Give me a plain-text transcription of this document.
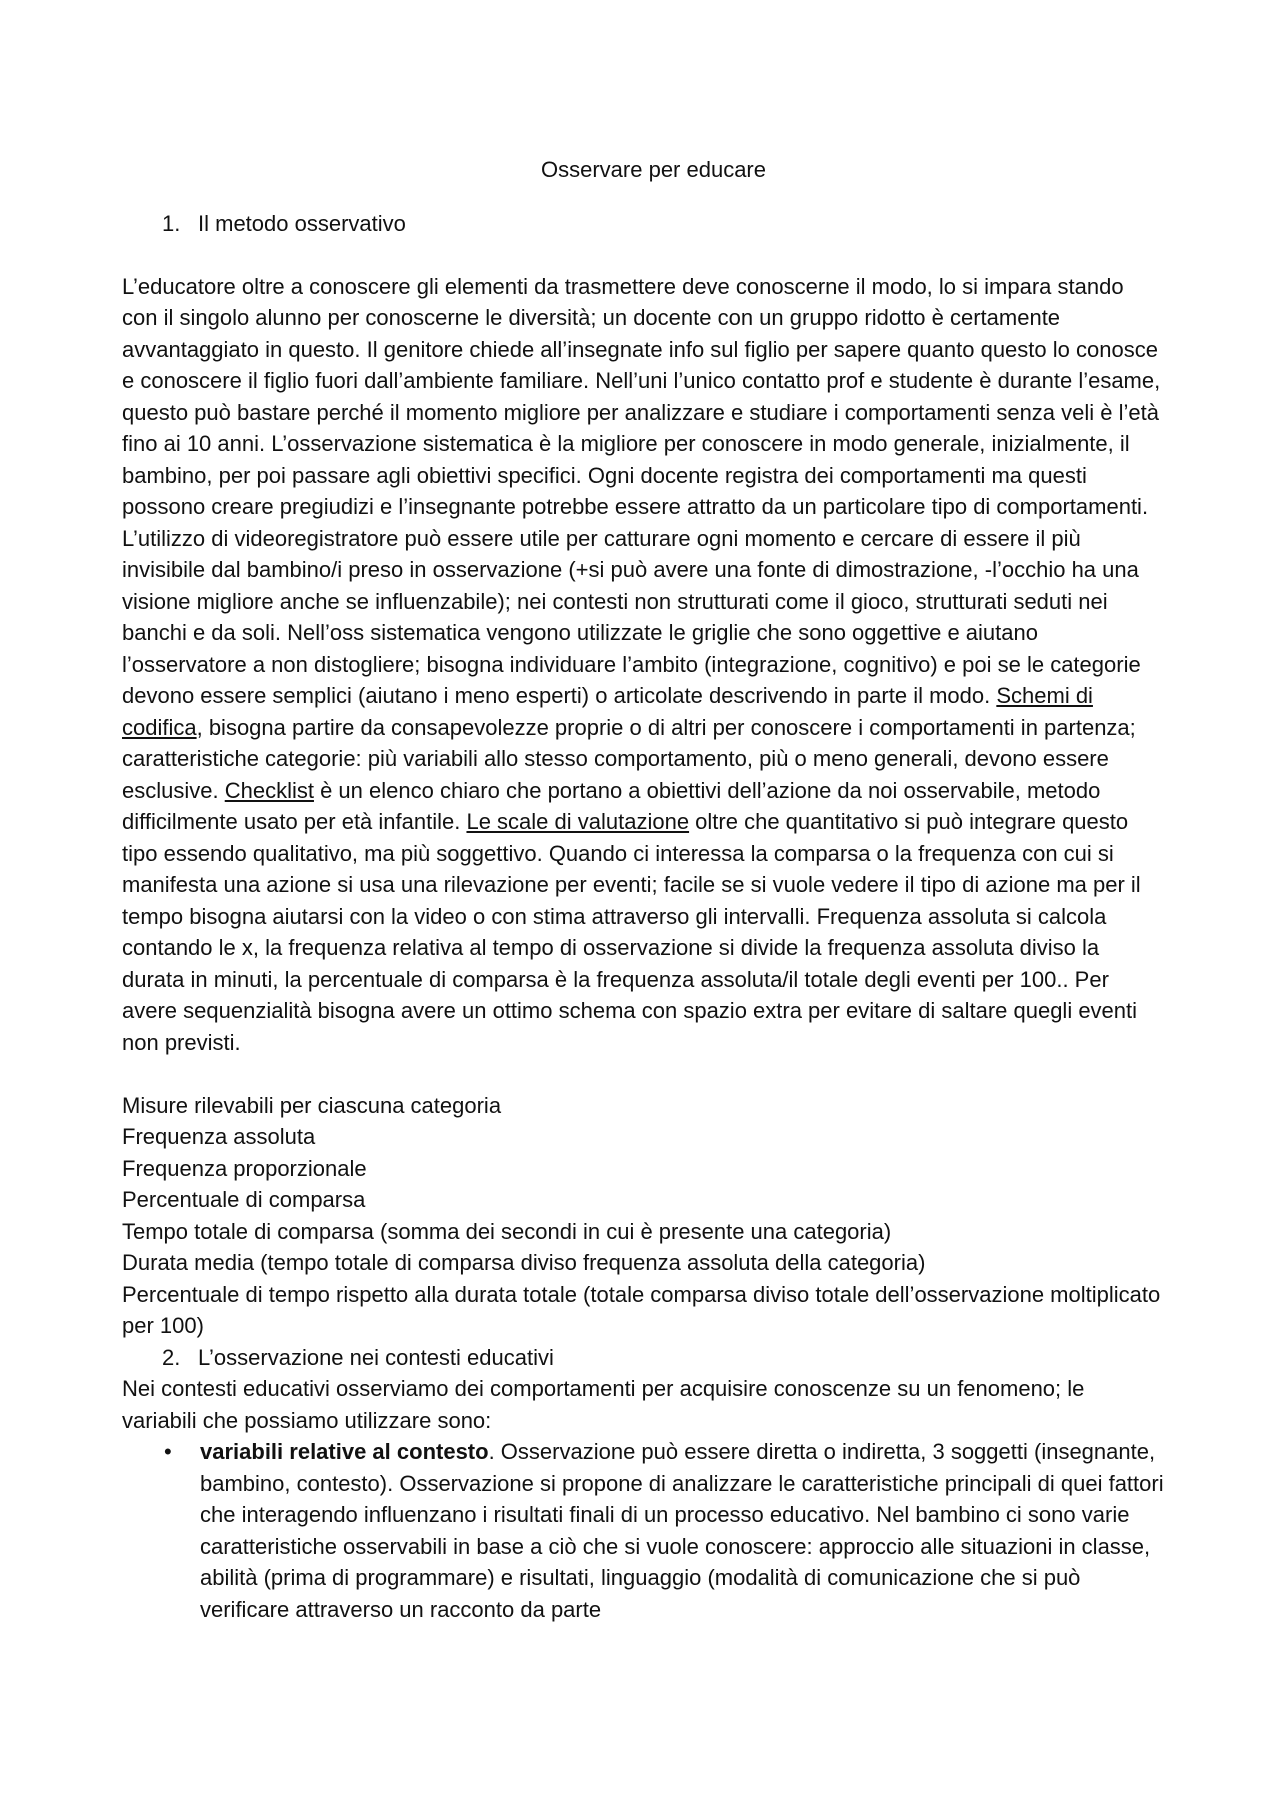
Osservare per educare
1. Il metodo osservativo

L’educatore oltre a conoscere gli elementi da trasmettere deve conoscerne il modo, lo si impara stando con il singolo alunno per conoscerne le diversità; un docente con un gruppo ridotto è certamente avvantaggiato in questo. Il genitore chiede all’insegnate info sul figlio per sapere quanto questo lo conosce e conoscere il figlio fuori dall’ambiente familiare. Nell’uni l’unico contatto prof e studente è durante l’esame, questo può bastare perché il momento migliore per analizzare e studiare i comportamenti senza veli è l’età fino ai 10 anni. L’osservazione sistematica è la migliore per conoscere in modo generale, inizialmente, il bambino, per poi passare agli obiettivi specifici. Ogni docente registra dei comportamenti ma questi possono creare pregiudizi e l’insegnante potrebbe essere attratto da un particolare tipo di comportamenti. L’utilizzo di videoregistratore può essere utile per catturare ogni momento e cercare di essere il più invisibile dal bambino/i preso in osservazione (+si può avere una fonte di dimostrazione, -l’occhio ha una visione migliore anche se influenzabile); nei contesti non strutturati come il gioco, strutturati seduti nei banchi e da soli. Nell’oss sistematica vengono utilizzate le griglie che sono oggettive e aiutano l’osservatore a non distogliere; bisogna individuare l’ambito (integrazione, cognitivo) e poi se le categorie devono essere semplici (aiutano i meno esperti) o articolate descrivendo in parte il modo. Schemi di codifica, bisogna partire da consapevolezze proprie o di altri per conoscere i comportamenti in partenza; caratteristiche categorie: più variabili allo stesso comportamento, più o meno generali, devono essere esclusive. Checklist è un elenco chiaro che portano a obiettivi dell’azione da noi osservabile, metodo difficilmente usato per età infantile. Le scale di valutazione oltre che quantitativo si può integrare questo tipo essendo qualitativo, ma più soggettivo. Quando ci interessa la comparsa o la frequenza con cui si manifesta una azione si usa una rilevazione per eventi; facile se si vuole vedere il tipo di azione ma per il tempo bisogna aiutarsi con la video o con stima attraverso gli intervalli. Frequenza assoluta si calcola contando le x, la frequenza relativa al tempo di osservazione si divide la frequenza assoluta diviso la durata in minuti, la percentuale di comparsa è la frequenza assoluta/il totale degli eventi per 100.. Per avere sequenzialità bisogna avere un ottimo schema con spazio extra per evitare di saltare quegli eventi non previsti.

Misure rilevabili per ciascuna categoria
Frequenza assoluta
Frequenza proporzionale
Percentuale di comparsa
Tempo totale di comparsa (somma dei secondi in cui è presente una categoria)
Durata media (tempo totale di comparsa diviso frequenza assoluta della categoria)
Percentuale di tempo rispetto alla durata totale (totale comparsa diviso totale dell’osservazione moltiplicato per 100)
2. L’osservazione nei contesti educativi

Nei contesti educativi osserviamo dei comportamenti per acquisire conoscenze su un fenomeno; le variabili che possiamo utilizzare sono:

• variabili relative al contesto. Osservazione può essere diretta o indiretta, 3 soggetti (insegnante, bambino, contesto). Osservazione si propone di analizzare le caratteristiche principali di quei fattori che interagendo influenzano i risultati finali di un processo educativo. Nel bambino ci sono varie caratteristiche osservabili in base a ciò che si vuole conoscere: approccio alle situazioni in classe, abilità (prima di programmare) e risultati, linguaggio (modalità di comunicazione che si può verificare attraverso un racconto da parte
